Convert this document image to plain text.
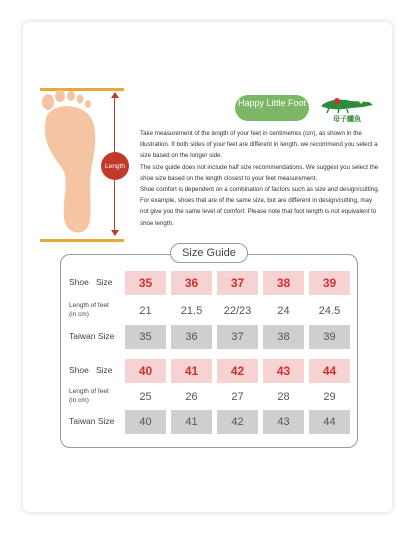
Length
Happy Little Foot
母子鱷魚

Take measurement of the length of your feet in centimetres (cm), as shown in the illustration. If both sides of your feet are different in length, we recommend you select a size based on the longer side.

The size guide does not include half size recommendations. We suggest you select the shoe size based on the length closest to your feet measurement.

Shoe comfort is dependent on a combination of factors such as size and design/cutting. For example, shoes that are of the same size, but are different in design/cutting, may not give you the same level of comfort. Please note that foot length is not equivalent to shoe length.

Shoe Size	35	36	37	38	39
Length of feet
(in cm)	21	21.5	22/23	24	24.5
Taiwan Size	35	36	37	38	39
Shoe Size	40	41	42	43	44
Length of feet
(in cm)	25	26	27	28	29
Taiwan Size	40	41	42	43	44
Size Guide
